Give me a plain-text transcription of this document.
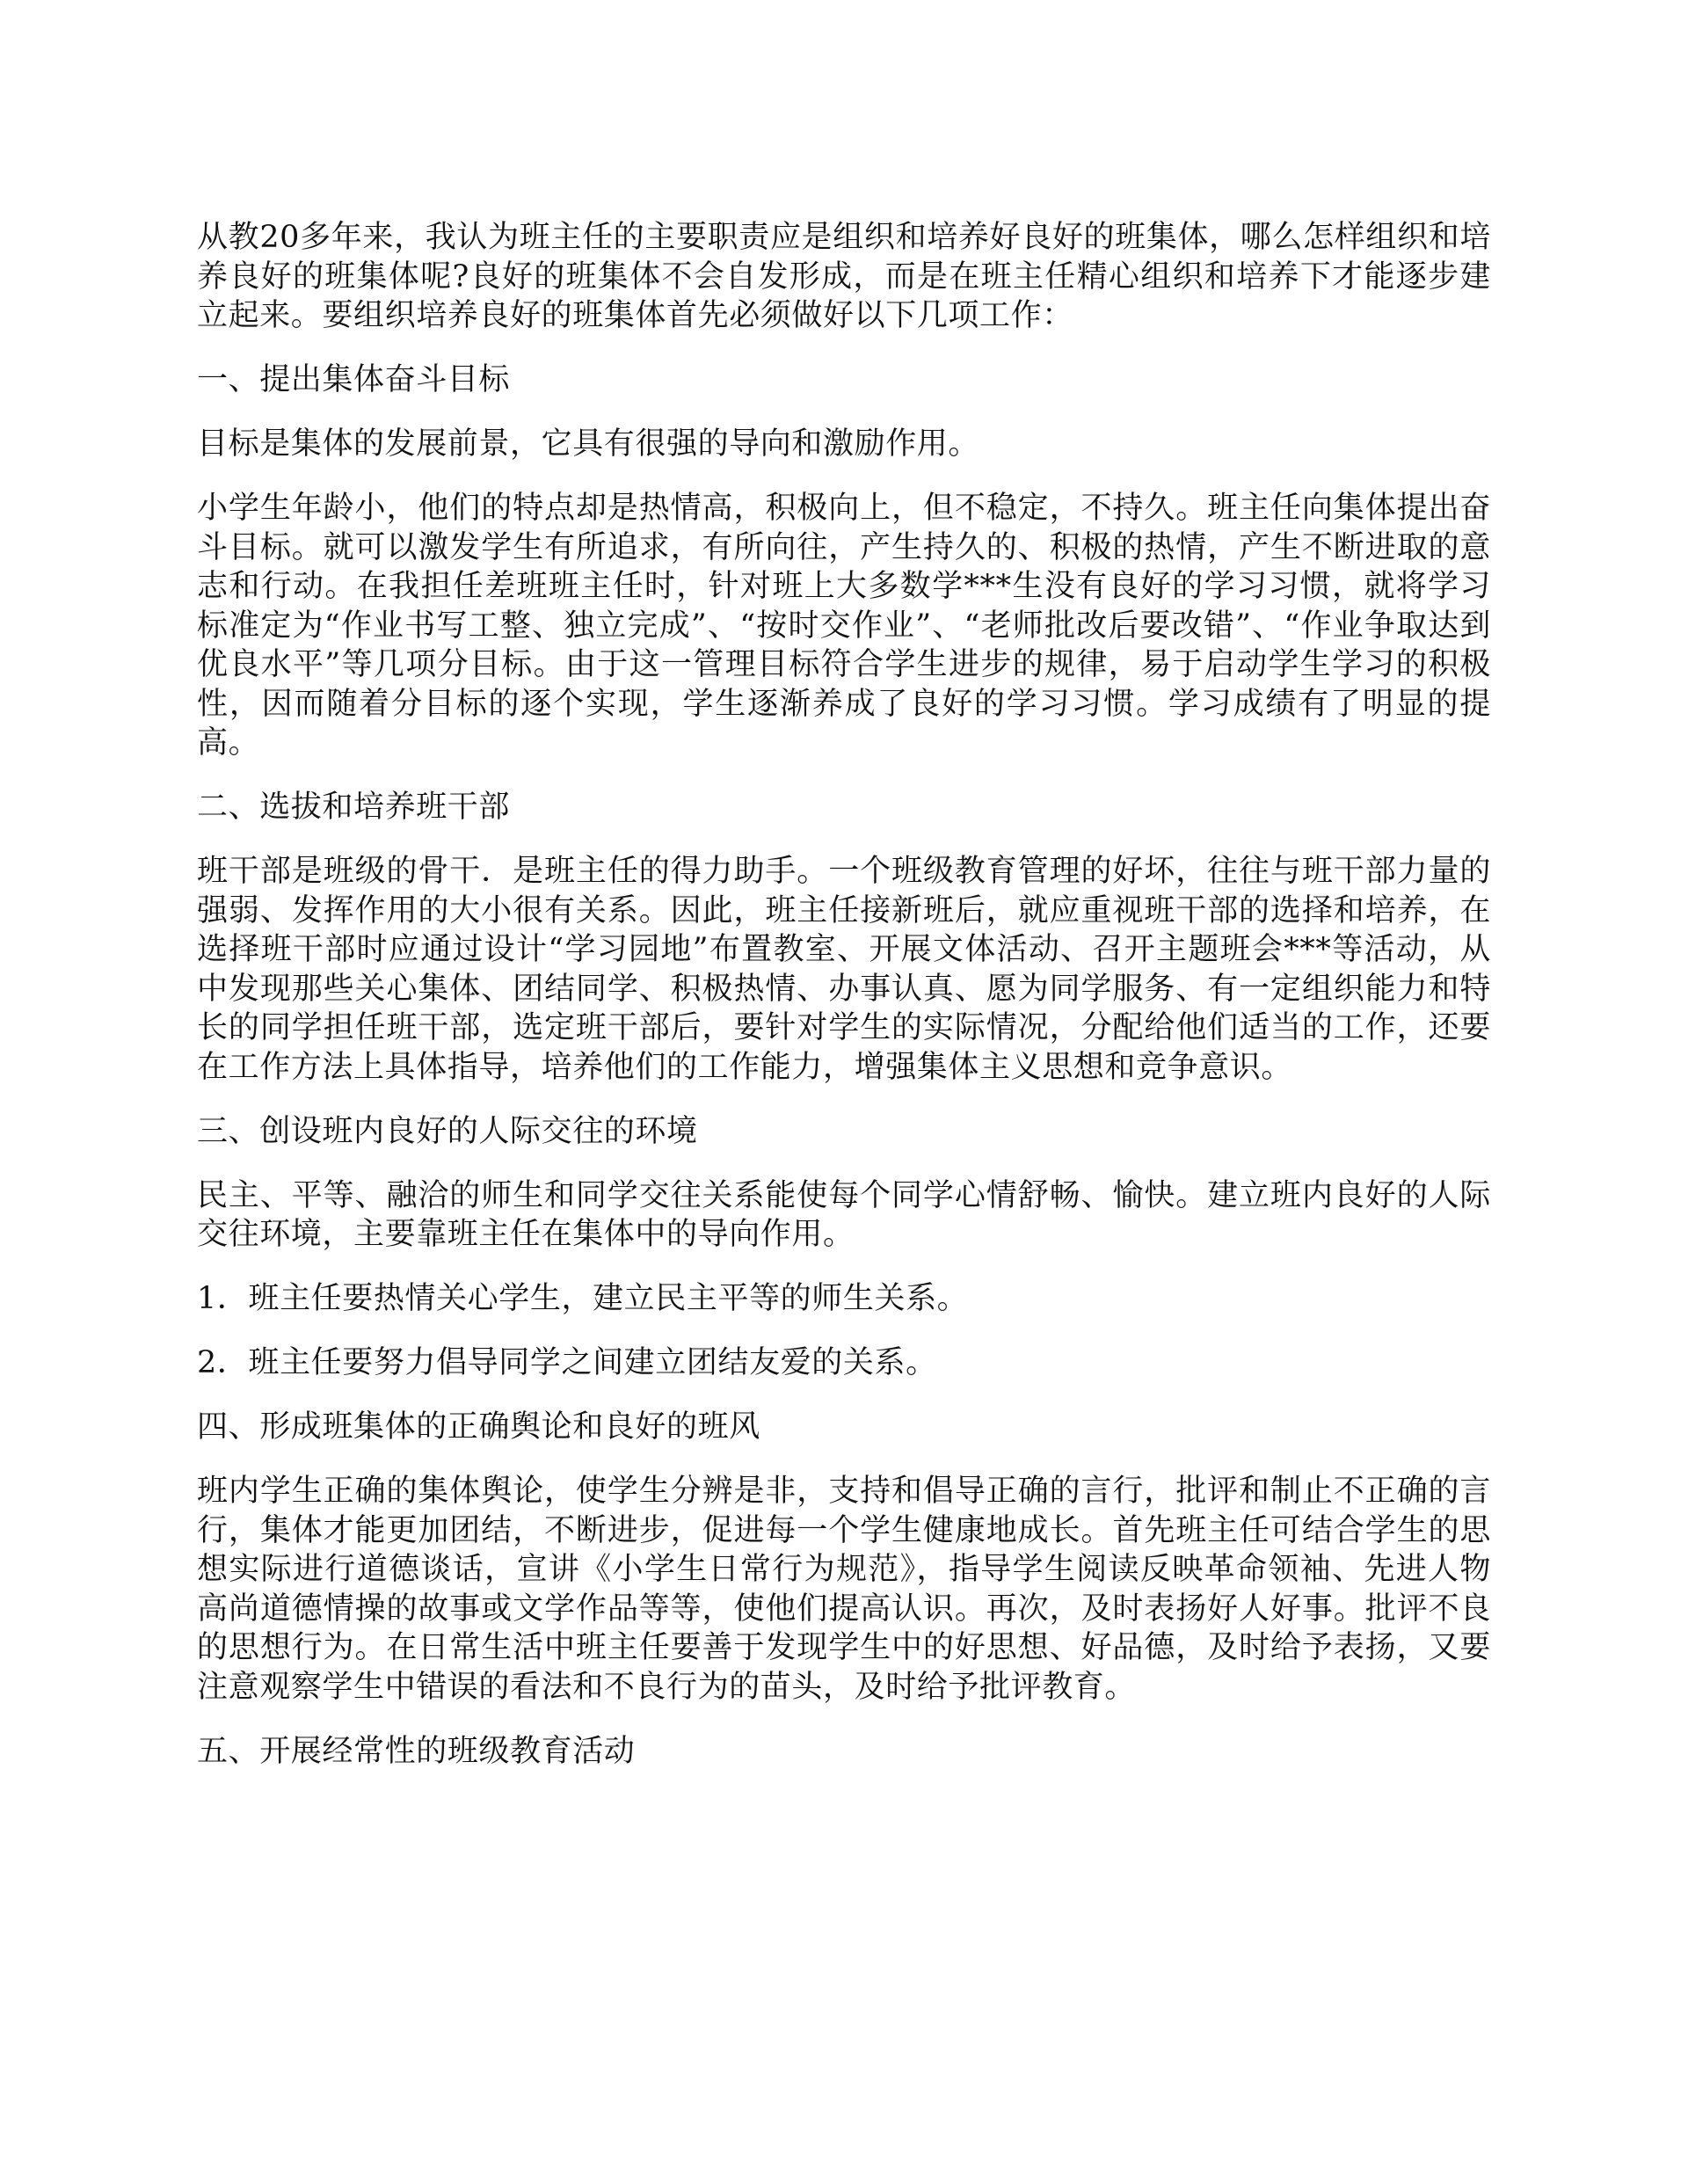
从教20多年来，我认为班主任的主要职责应是组织和培养好良好的班集体，哪么怎样组织和培养良好的班集体呢?良好的班集体不会自发形成，而是在班主任精心组织和培养下才能逐步建立起来。要组织培养良好的班集体首先必须做好以下几项工作：

一、提出集体奋斗目标

目标是集体的发展前景，它具有很强的导向和激励作用。

小学生年龄小，他们的特点却是热情高，积极向上，但不稳定，不持久。班主任向集体提出奋斗目标。就可以激发学生有所追求，有所向往，产生持久的、积极的热情，产生不断进取的意志和行动。在我担任差班班主任时，针对班上大多数学***生没有良好的学习习惯，就将学习标准定为“作业书写工整、独立完成”、“按时交作业”、“老师批改后要改错”、“作业争取达到优良水平”等几项分目标。由于这一管理目标符合学生进步的规律，易于启动学生学习的积极性，因而随着分目标的逐个实现，学生逐渐养成了良好的学习习惯。学习成绩有了明显的提高。

二、选拔和培养班干部

班干部是班级的骨干．是班主任的得力助手。一个班级教育管理的好坏，往往与班干部力量的强弱、发挥作用的大小很有关系。因此，班主任接新班后，就应重视班干部的选择和培养，在选择班干部时应通过设计“学习园地”布置教室、开展文体活动、召开主题班会***等活动，从中发现那些关心集体、团结同学、积极热情、办事认真、愿为同学服务、有一定组织能力和特长的同学担任班干部，选定班干部后，要针对学生的实际情况，分配给他们适当的工作，还要在工作方法上具体指导，培养他们的工作能力，增强集体主义思想和竞争意识。

三、创设班内良好的人际交往的环境

民主、平等、融洽的师生和同学交往关系能使每个同学心情舒畅、愉快。建立班内良好的人际交往环境，主要靠班主任在集体中的导向作用。

1．班主任要热情关心学生，建立民主平等的师生关系。

2．班主任要努力倡导同学之间建立团结友爱的关系。

四、形成班集体的正确舆论和良好的班风

班内学生正确的集体舆论，使学生分辨是非，支持和倡导正确的言行，批评和制止不正确的言行，集体才能更加团结，不断进步，促进每一个学生健康地成长。首先班主任可结合学生的思想实际进行道德谈话，宣讲《小学生日常行为规范》，指导学生阅读反映革命领袖、先进人物高尚道德情操的故事或文学作品等等，使他们提高认识。再次，及时表扬好人好事。批评不良的思想行为。在日常生活中班主任要善于发现学生中的好思想、好品德，及时给予表扬，又要注意观察学生中错误的看法和不良行为的苗头，及时给予批评教育。

五、开展经常性的班级教育活动
